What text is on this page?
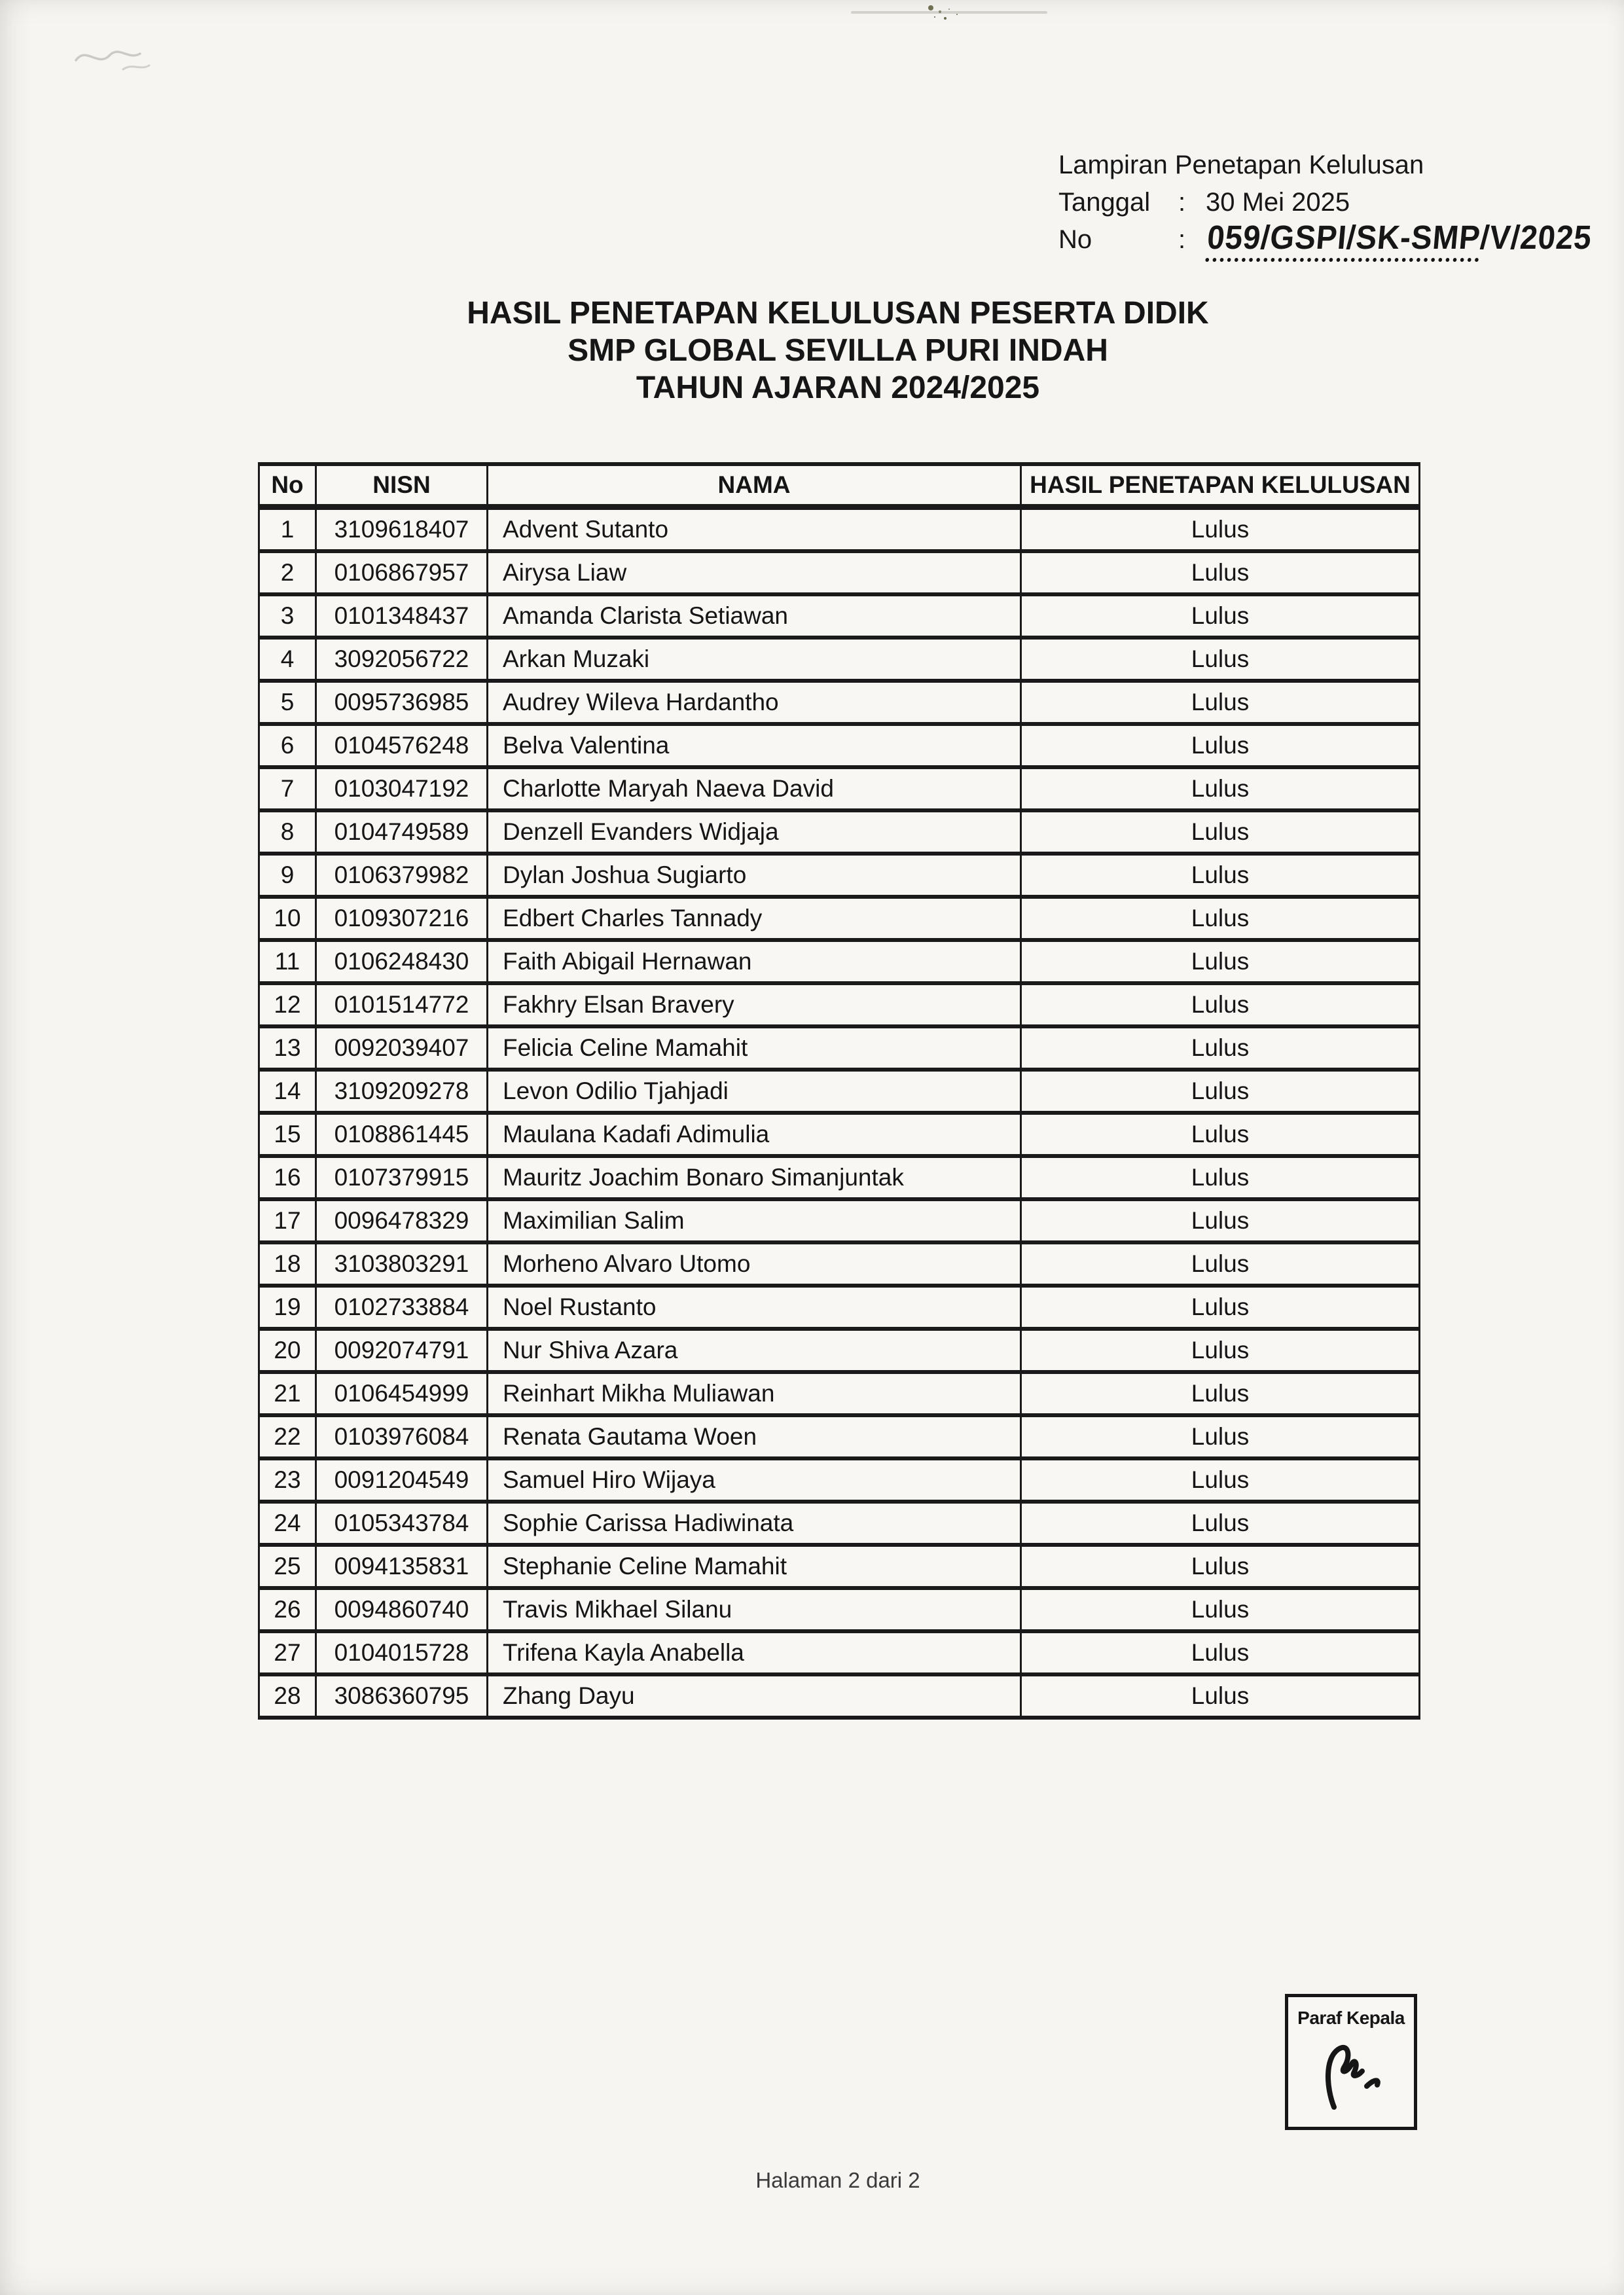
Lampiran Penetapan Kelulusan
Tanggal	: 30 Mei 2025
No	: 059/GSPI/SK-SMP/V/2025
HASIL PENETAPAN KELULUSAN PESERTA DIDIK
SMP GLOBAL SEVILLA PURI INDAH
TAHUN AJARAN 2024/2025
No	NISN	NAMA	HASIL PENETAPAN KELULUSAN
1	3109618407	Advent Sutanto	Lulus
2	0106867957	Airysa Liaw	Lulus
3	0101348437	Amanda Clarista Setiawan	Lulus
4	3092056722	Arkan Muzaki	Lulus
5	0095736985	Audrey Wileva Hardantho	Lulus
6	0104576248	Belva Valentina	Lulus
7	0103047192	Charlotte Maryah Naeva David	Lulus
8	0104749589	Denzell Evanders Widjaja	Lulus
9	0106379982	Dylan Joshua Sugiarto	Lulus
10	0109307216	Edbert Charles Tannady	Lulus
11	0106248430	Faith Abigail Hernawan	Lulus
12	0101514772	Fakhry Elsan Bravery	Lulus
13	0092039407	Felicia Celine Mamahit	Lulus
14	3109209278	Levon Odilio Tjahjadi	Lulus
15	0108861445	Maulana Kadafi Adimulia	Lulus
16	0107379915	Mauritz Joachim Bonaro Simanjuntak	Lulus
17	0096478329	Maximilian Salim	Lulus
18	3103803291	Morheno Alvaro Utomo	Lulus
19	0102733884	Noel Rustanto	Lulus
20	0092074791	Nur Shiva Azara	Lulus
21	0106454999	Reinhart Mikha Muliawan	Lulus
22	0103976084	Renata Gautama Woen	Lulus
23	0091204549	Samuel Hiro Wijaya	Lulus
24	0105343784	Sophie Carissa Hadiwinata	Lulus
25	0094135831	Stephanie Celine Mamahit	Lulus
26	0094860740	Travis Mikhael Silanu	Lulus
27	0104015728	Trifena Kayla Anabella	Lulus
28	3086360795	Zhang Dayu	Lulus
Paraf Kepala
Halaman 2 dari 2
